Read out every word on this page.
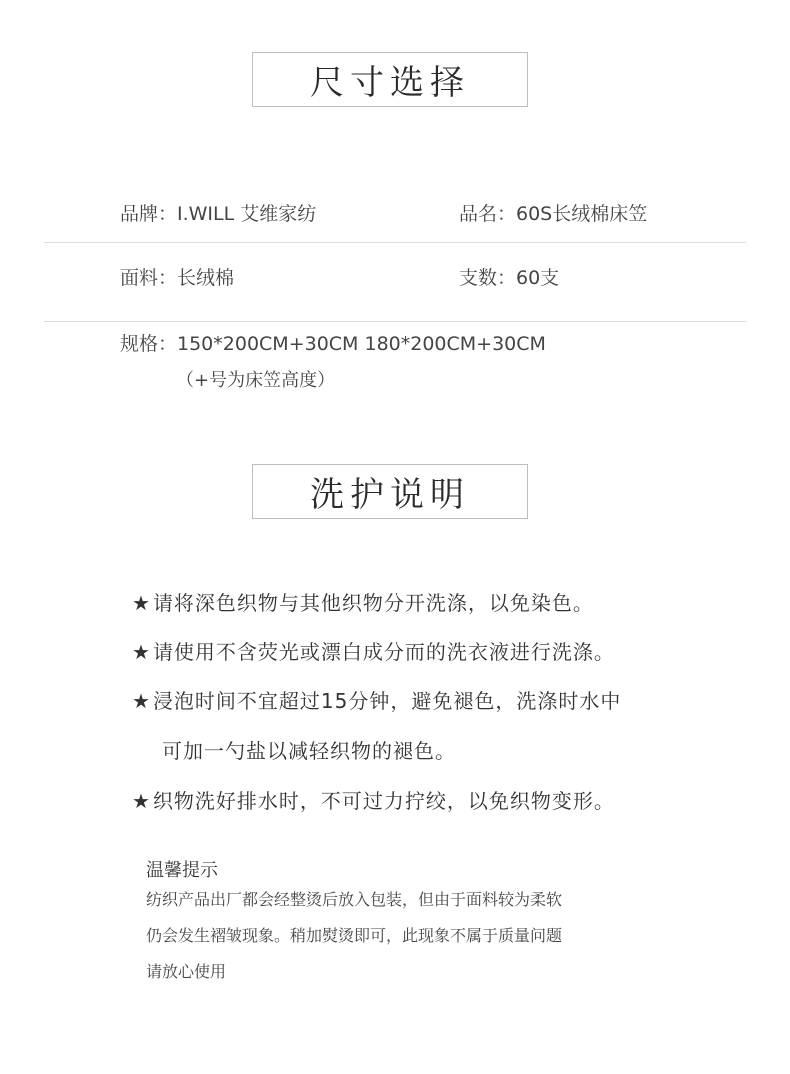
尺寸选择
品牌：I.WILL 艾维家纺	品名：60S长绒棉床笠
面料：长绒棉	支数：60支
规格：150*200CM+30CM 180*200CM+30CM
（+号为床笠高度）
洗护说明
★ 请将深色织物与其他织物分开洗涤，以免染色。
★ 请使用不含荧光或漂白成分而的洗衣液进行洗涤。
★ 浸泡时间不宜超过15分钟，避免褪色，洗涤时水中
可加一勺盐以减轻织物的褪色。
★ 织物洗好排水时，不可过力拧绞，以免织物变形。
温馨提示
纺织产品出厂都会经整烫后放入包装，但由于面料较为柔软
仍会发生褶皱现象。稍加熨烫即可，此现象不属于质量问题
请放心使用
